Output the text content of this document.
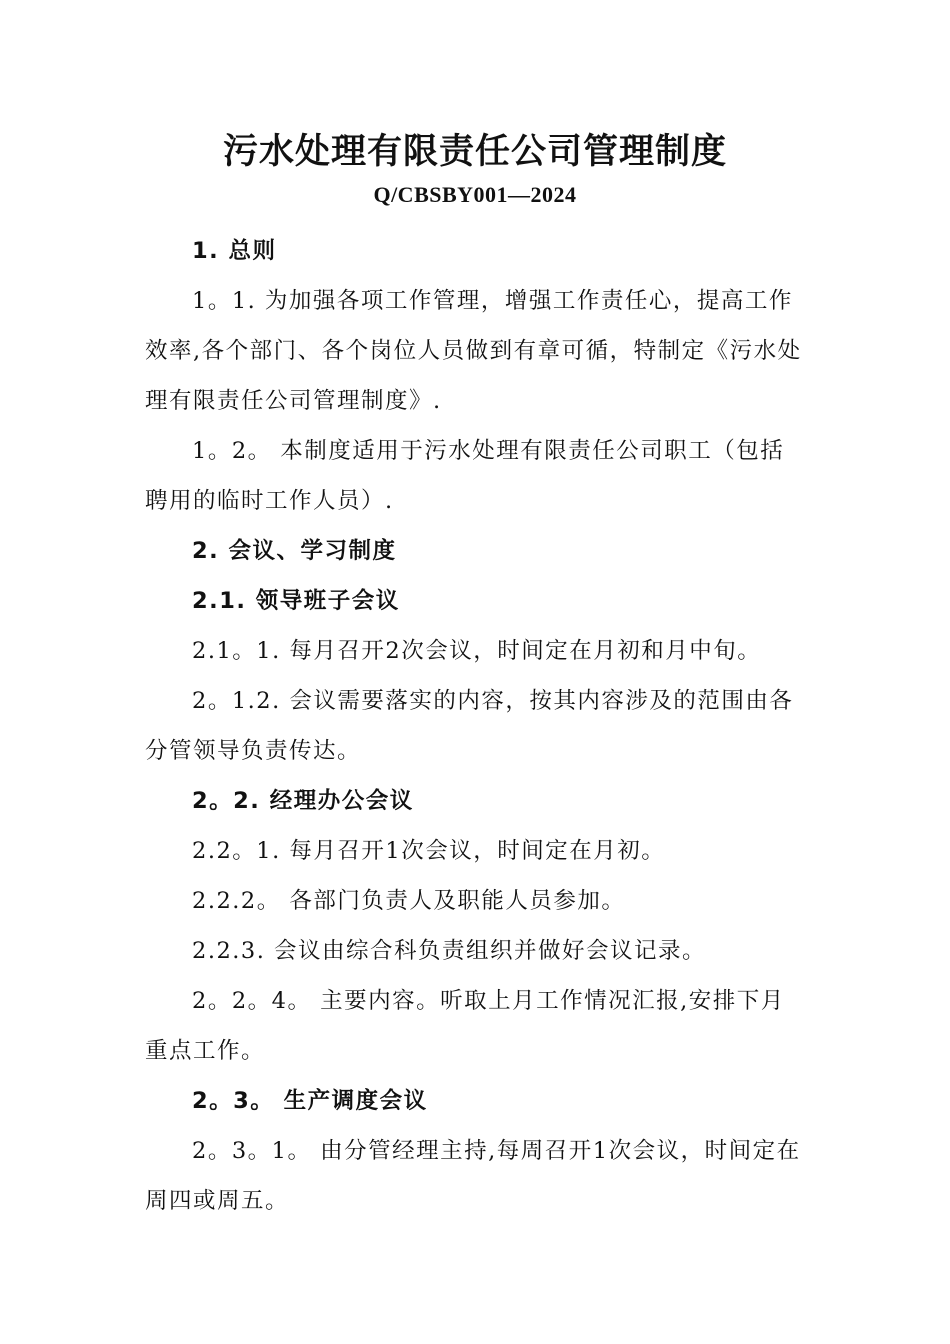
污水处理有限责任公司管理制度
Q/CBSBY001—2024

1. 总则

1。1. 为加强各项工作管理，增强工作责任心，提高工作效率,各个部门、各个岗位人员做到有章可循，特制定《污水处理有限责任公司管理制度》.

1。2。 本制度适用于污水处理有限责任公司职工（包括聘用的临时工作人员）.

2. 会议、学习制度

2.1. 领导班子会议

2.1。1. 每月召开2次会议，时间定在月初和月中旬。

2。1.2. 会议需要落实的内容，按其内容涉及的范围由各分管领导负责传达。

2。2. 经理办公会议

2.2。1. 每月召开1次会议，时间定在月初。

2.2.2。 各部门负责人及职能人员参加。

2.2.3. 会议由综合科负责组织并做好会议记录。

2。2。4。 主要内容。听取上月工作情况汇报,安排下月重点工作。

2。3。 生产调度会议

2。3。1。 由分管经理主持,每周召开1次会议，时间定在周四或周五。
